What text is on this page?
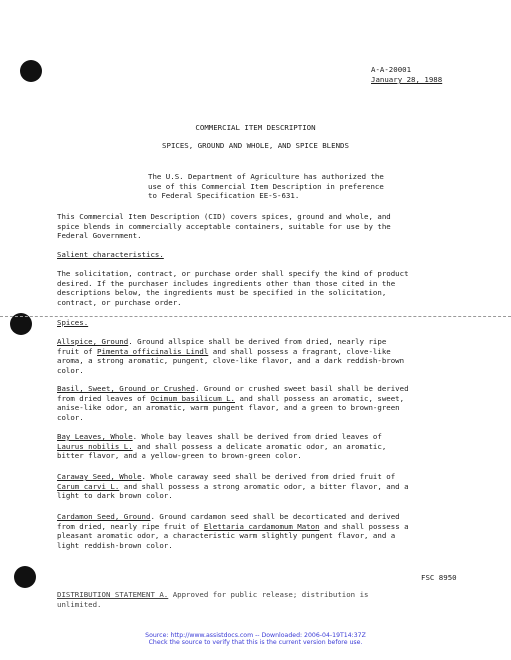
A-A-20001
January 28, 1988
COMMERCIAL ITEM DESCRIPTION
SPICES, GROUND AND WHOLE, AND SPICE BLENDS
The U.S. Department of Agriculture has authorized the
use of this Commercial Item Description in preference
to Federal Specification EE-S-631.
This Commercial Item Description (CID) covers spices, ground and whole, and
spice blends in commercially acceptable containers, suitable for use by the
Federal Government.
Salient characteristics.
The solicitation, contract, or purchase order shall specify the kind of product
desired. If the purchaser includes ingredients other than those cited in the
descriptions below, the ingredients must be specified in the solicitation,
contract, or purchase order.
Spices.
Allspice, Ground. Ground allspice shall be derived from dried, nearly ripe
fruit of Pimenta officinalis Lindl and shall possess a fragrant, clove-like
aroma, a strong aromatic, pungent, clove-like flavor, and a dark reddish-brown
color.
Basil, Sweet, Ground or Crushed. Ground or crushed sweet basil shall be derived
from dried leaves of Ocimum basilicum L. and shall possess an aromatic, sweet,
anise-like odor, an aromatic, warm pungent flavor, and a green to brown-green
color.
Bay Leaves, Whole. Whole bay leaves shall be derived from dried leaves of
Laurus nobilis L. and shall possess a delicate aromatic odor, an aromatic,
bitter flavor, and a yellow-green to brown-green color.
Caraway Seed, Whole. Whole caraway seed shall be derived from dried fruit of
Carum carvi L. and shall possess a strong aromatic odor, a bitter flavor, and a
light to dark brown color.
Cardamon Seed, Ground. Ground cardamon seed shall be decorticated and derived
from dried, nearly ripe fruit of Elettaria cardamomum Maton and shall possess a
pleasant aromatic odor, a characteristic warm slightly pungent flavor, and a
light reddish-brown color.
FSC 8950
DISTRIBUTION STATEMENT A. Approved for public release; distribution is
unlimited.
Source: http://www.assistdocs.com -- Downloaded: 2006-04-19T14:37Z
Check the source to verify that this is the current version before use.
